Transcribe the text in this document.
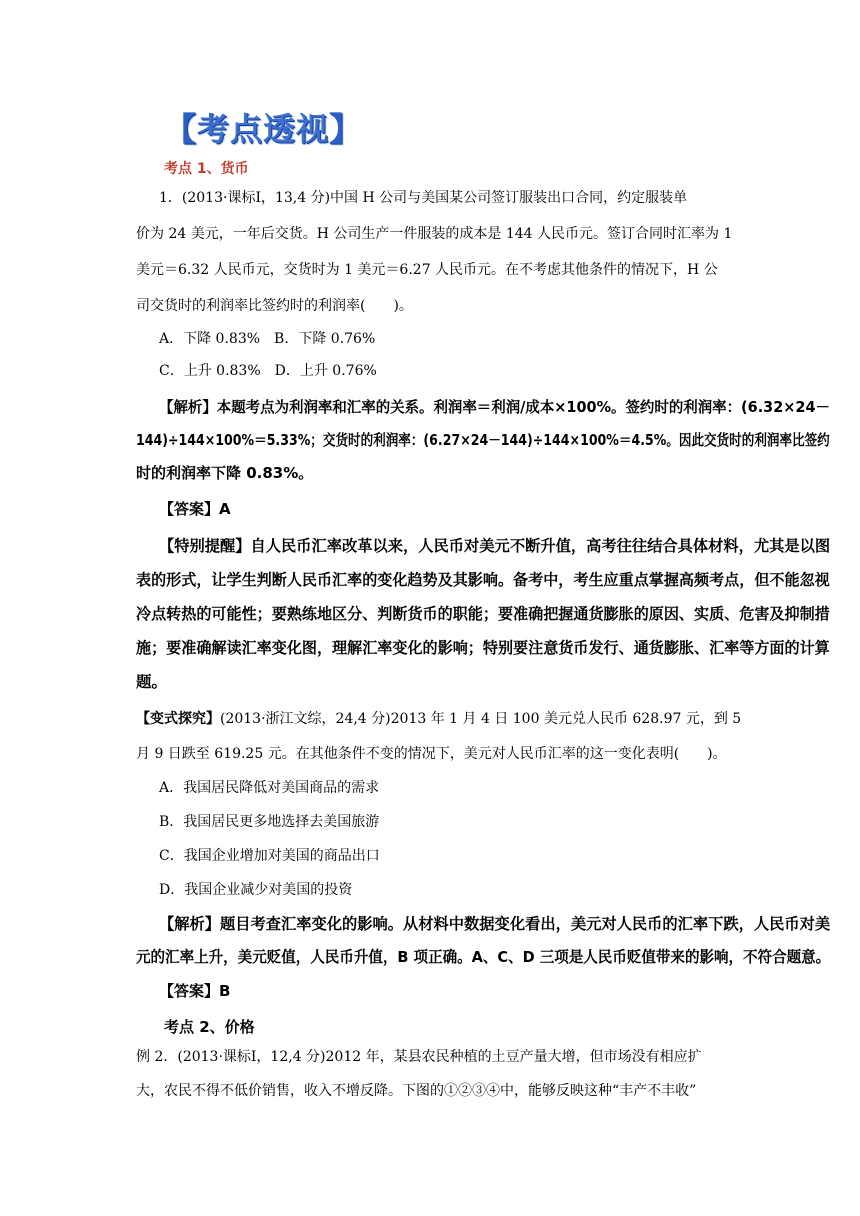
【考点透视】
考点 1、货币
1．(2013·课标Ⅰ，13,4 分)中国 H 公司与美国某公司签订服装出口合同，约定服装单
价为 24 美元，一年后交货。H 公司生产一件服装的成本是 144 人民币元。签订合同时汇率为 1
美元＝6.32 人民币元，交货时为 1 美元＝6.27 人民币元。在不考虑其他条件的情况下，H 公
司交货时的利润率比签约时的利润率(　　)。
A．下降 0.83%　B．下降 0.76%
C．上升 0.83%　D．上升 0.76%
【解析】本题考点为利润率和汇率的关系。利润率＝利润/成本×100%。签约时的利润率：(6.32×24－
144)÷144×100%＝5.33%；交货时的利润率：(6.27×24－144)÷144×100%＝4.5%。因此交货时的利润率比签约
时的利润率下降 0.83%。
【答案】A
【特别提醒】自人民币汇率改革以来，人民币对美元不断升值，高考往往结合具体材料，尤其是以图
表的形式，让学生判断人民币汇率的变化趋势及其影响。备考中，考生应重点掌握高频考点，但不能忽视
冷点转热的可能性；要熟练地区分、判断货币的职能；要准确把握通货膨胀的原因、实质、危害及抑制措
施；要准确解读汇率变化图，理解汇率变化的影响；特别要注意货币发行、通货膨胀、汇率等方面的计算
题。
【变式探究】(2013·浙江文综，24,4 分)2013 年 1 月 4 日 100 美元兑人民币 628.97 元，到 5
月 9 日跌至 619.25 元。在其他条件不变的情况下，美元对人民币汇率的这一变化表明(　　)。
A．我国居民降低对美国商品的需求
B．我国居民更多地选择去美国旅游
C．我国企业增加对美国的商品出口
D．我国企业减少对美国的投资
【解析】题目考查汇率变化的影响。从材料中数据变化看出，美元对人民币的汇率下跌，人民币对美
元的汇率上升，美元贬值，人民币升值，B 项正确。A、C、D 三项是人民币贬值带来的影响，不符合题意。
【答案】B
考点 2、价格
例 2．(2013·课标Ⅰ，12,4 分)2012 年，某县农民种植的土豆产量大增，但市场没有相应扩
大，农民不得不低价销售，收入不增反降。下图的①②③④中，能够反映这种“丰产不丰收”
